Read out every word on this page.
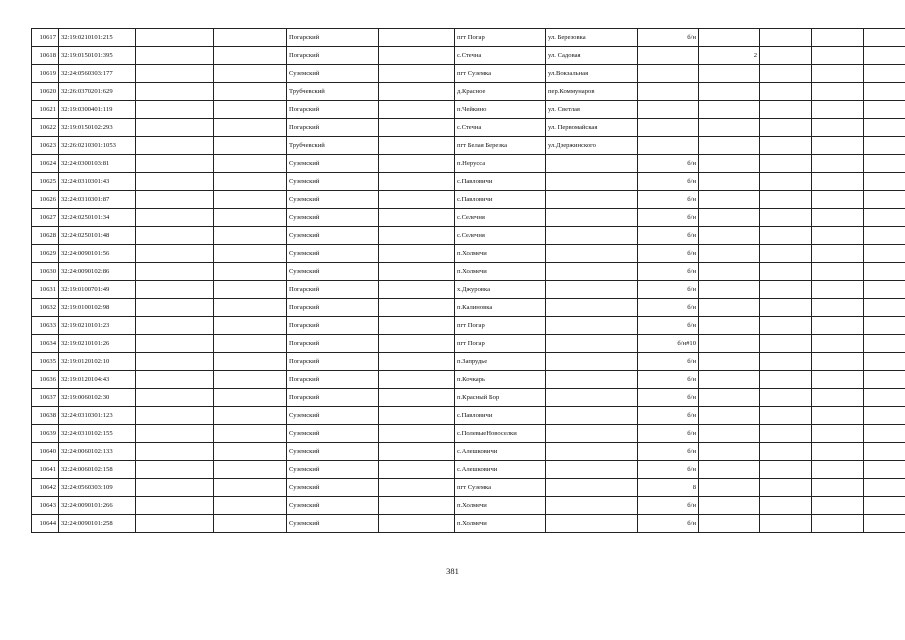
10617	32:19:0210101:215			Погарский		пгт Погар	ул. Березовка	б/н				
10618	32:19:0150101:395			Погарский		с.Стечна	ул. Садовая		2			
10619	32:24:0560303:177			Суземский		пгт Суземка	ул.Вокзальная					
10620	32:26:0370201:629			Трубчевский		д.Красное	пер.Коммунаров					
10621	32:19:0300401:119			Погарский		п.Чейкино	ул. Светлая					
10622	32:19:0150102:293			Погарский		с.Стечна	ул. Первомайская					
10623	32:26:0210301:1053			Трубчевский		пгт Белая Березка	ул.Дзержинского					
10624	32:24:0300103:81			Суземский		п.Нерусса		б/н				
10625	32:24:0310301:43			Суземский		с.Павловичи		б/н				
10626	32:24:0310301:87			Суземский		с.Павловичи		б/н				
10627	32:24:0250101:34			Суземский		с.Селечня		б/н				
10628	32:24:0250101:48			Суземский		с.Селечня		б/н				
10629	32:24:0090101:56			Суземский		п.Холмечи		б/н				
10630	32:24:0090102:86			Суземский		п.Холмечи		б/н				
10631	32:19:0100701:49			Погарский		х.Джуровка		б/н				
10632	32:19:0100102:98			Погарский		п.Калиновка		б/н				
10633	32:19:0210101:23			Погарский		пгт Погар		б/н				
10634	32:19:0210101:26			Погарский		пгт Погар		б/н#10				
10635	32:19:0120102:10			Погарский		п.Запрудье		б/н				
10636	32:19:0120104:43			Погарский		п.Кочкарь		б/н				
10637	32:19:0060102:30			Погарский		п.Красный Бор		б/н				
10638	32:24:0310301:123			Суземский		с.Павловичи		б/н				
10639	32:24:0310102:155			Суземский		с.ПолевыеНовоселки		б/н				
10640	32:24:0060102:133			Суземский		с.Алешковичи		б/н				
10641	32:24:0060102:158			Суземский		с.Алешковичи		б/н				
10642	32:24:0560303:109			Суземский		пгт Суземка		8				
10643	32:24:0090101:266			Суземский		п.Холмечи		б/н				
10644	32:24:0090101:258			Суземский		п.Холмечи		б/н				
381
